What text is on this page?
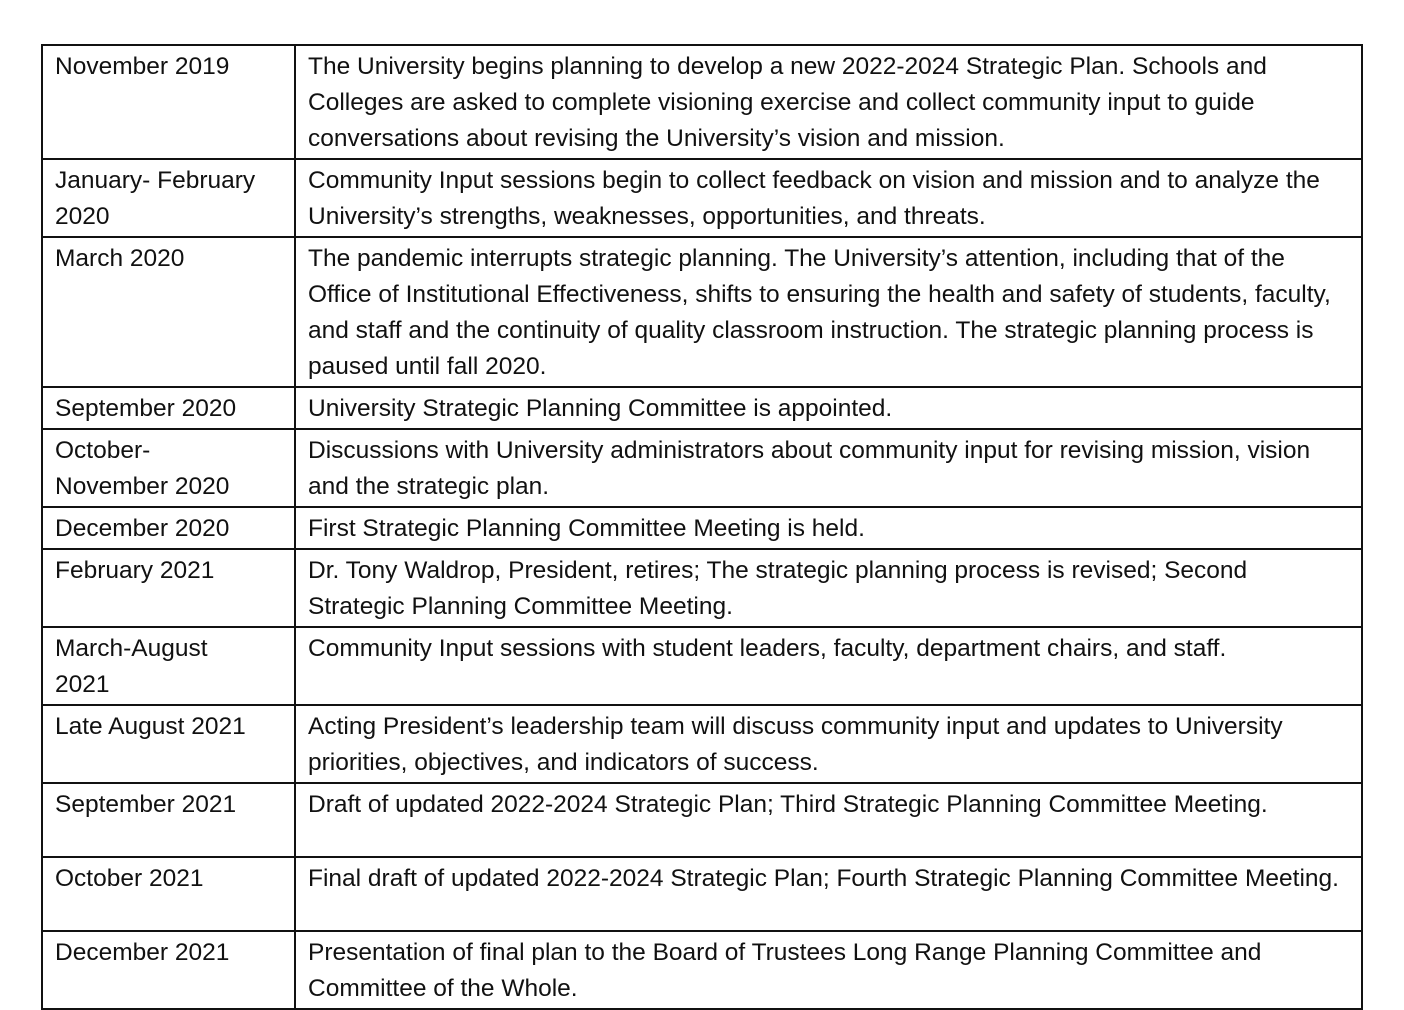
November 2019	The University begins planning to develop a new 2022-2024 Strategic Plan. Schools and Colleges are asked to complete visioning exercise and collect community input to guide conversations about revising the University’s vision and mission.
January- February 2020	Community Input sessions begin to collect feedback on vision and mission and to analyze the University’s strengths, weaknesses, opportunities, and threats.
March 2020	The pandemic interrupts strategic planning. The University’s attention, including that of the Office of Institutional Effectiveness, shifts to ensuring the health and safety of students, faculty, and staff and the continuity of quality classroom instruction. The strategic planning process is paused until fall 2020.
September 2020	University Strategic Planning Committee is appointed.

October-November 2020	Discussions with University administrators about community input for revising mission, vision and the strategic plan.
December 2020	First Strategic Planning Committee Meeting is held.
February 2021	Dr. Tony Waldrop, President, retires; The strategic planning process is revised; Second Strategic Planning Committee Meeting.

March-August 2021	Community Input sessions with student leaders, faculty, department chairs, and staff.
Late August 2021	Acting President’s leadership team will discuss community input and updates to University priorities, objectives, and indicators of success.
September 2021	Draft of updated 2022-2024 Strategic Plan; Third Strategic Planning Committee Meeting.
October 2021	Final draft of updated 2022-2024 Strategic Plan; Fourth Strategic Planning Committee Meeting.
December 2021	Presentation of final plan to the Board of Trustees Long Range Planning Committee and Committee of the Whole.
